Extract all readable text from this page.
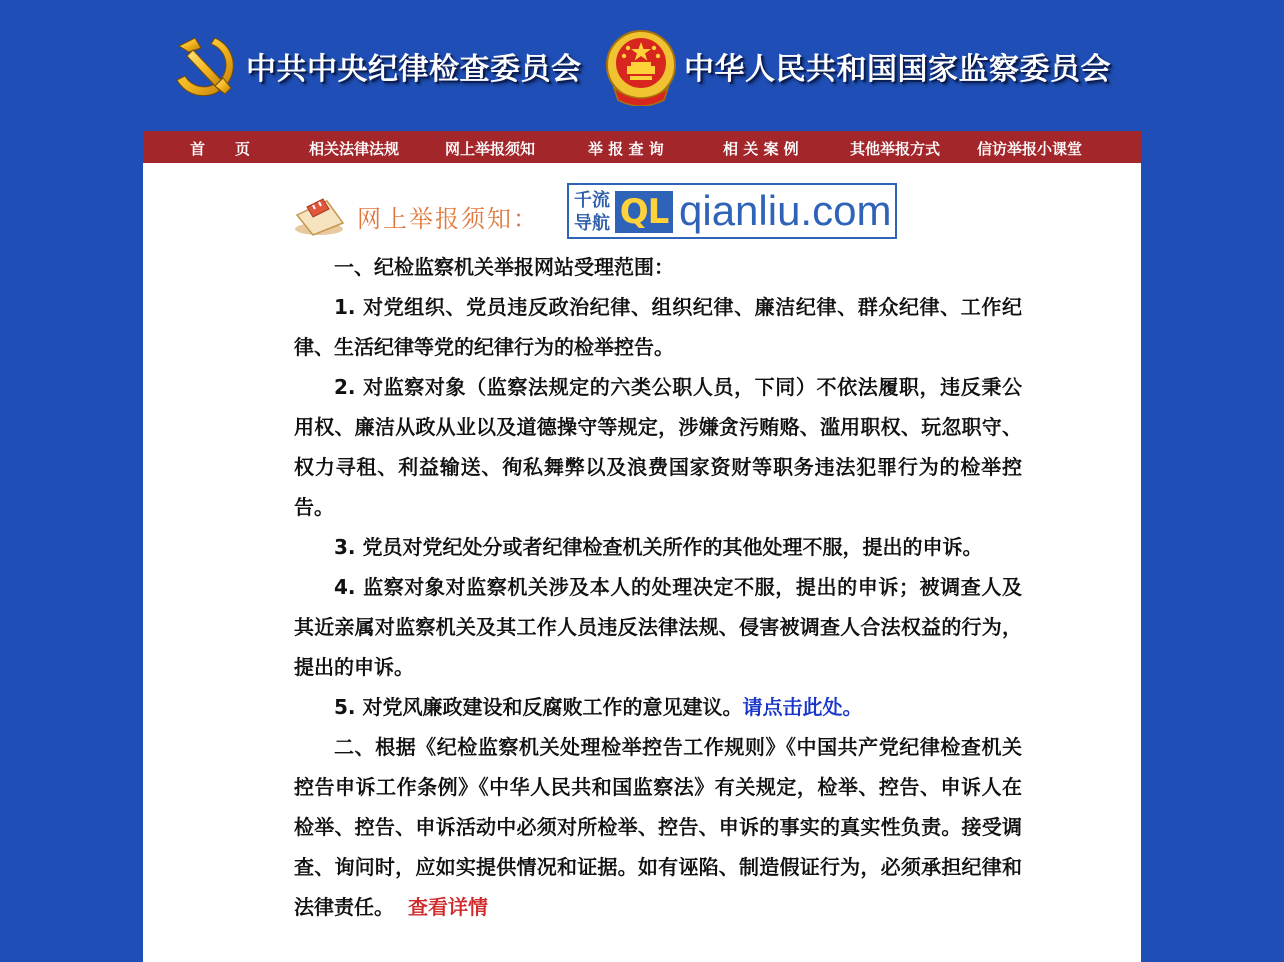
中共中央纪律检查委员会	中华人民共和国国家监察委员会
首　　页	相关法律法规	网上举报须知	举 报 查 询	相 关 案 例	其他举报方式 信访举报小课堂
网上举报须知：
千流
导航 QL qianliu.com

一、纪检监察机关举报网站受理范围：

1. 对党组织、党员违反政治纪律、组织纪律、廉洁纪律、群众纪律、工作纪律、生活纪律等党的纪律行为的检举控告。

2. 对监察对象（监察法规定的六类公职人员，下同）不依法履职，违反秉公用权、廉洁从政从业以及道德操守等规定，涉嫌贪污贿赂、滥用职权、玩忽职守、权力寻租、利益输送、徇私舞弊以及浪费国家资财等职务违法犯罪行为的检举控告。

3. 党员对党纪处分或者纪律检查机关所作的其他处理不服，提出的申诉。

4. 监察对象对监察机关涉及本人的处理决定不服，提出的申诉；被调查人及其近亲属对监察机关及其工作人员违反法律法规、侵害被调查人合法权益的行为，提出的申诉。

5. 对党风廉政建设和反腐败工作的意见建议。请点击此处。

二、根据《纪检监察机关处理检举控告工作规则》《中国共产党纪律检查机关控告申诉工作条例》《中华人民共和国监察法》有关规定，检举、控告、申诉人在检举、控告、申诉活动中必须对所检举、控告、申诉的事实的真实性负责。接受调查、询问时，应如实提供情况和证据。如有诬陷、制造假证行为，必须承担纪律和法律责任。 查看详情
